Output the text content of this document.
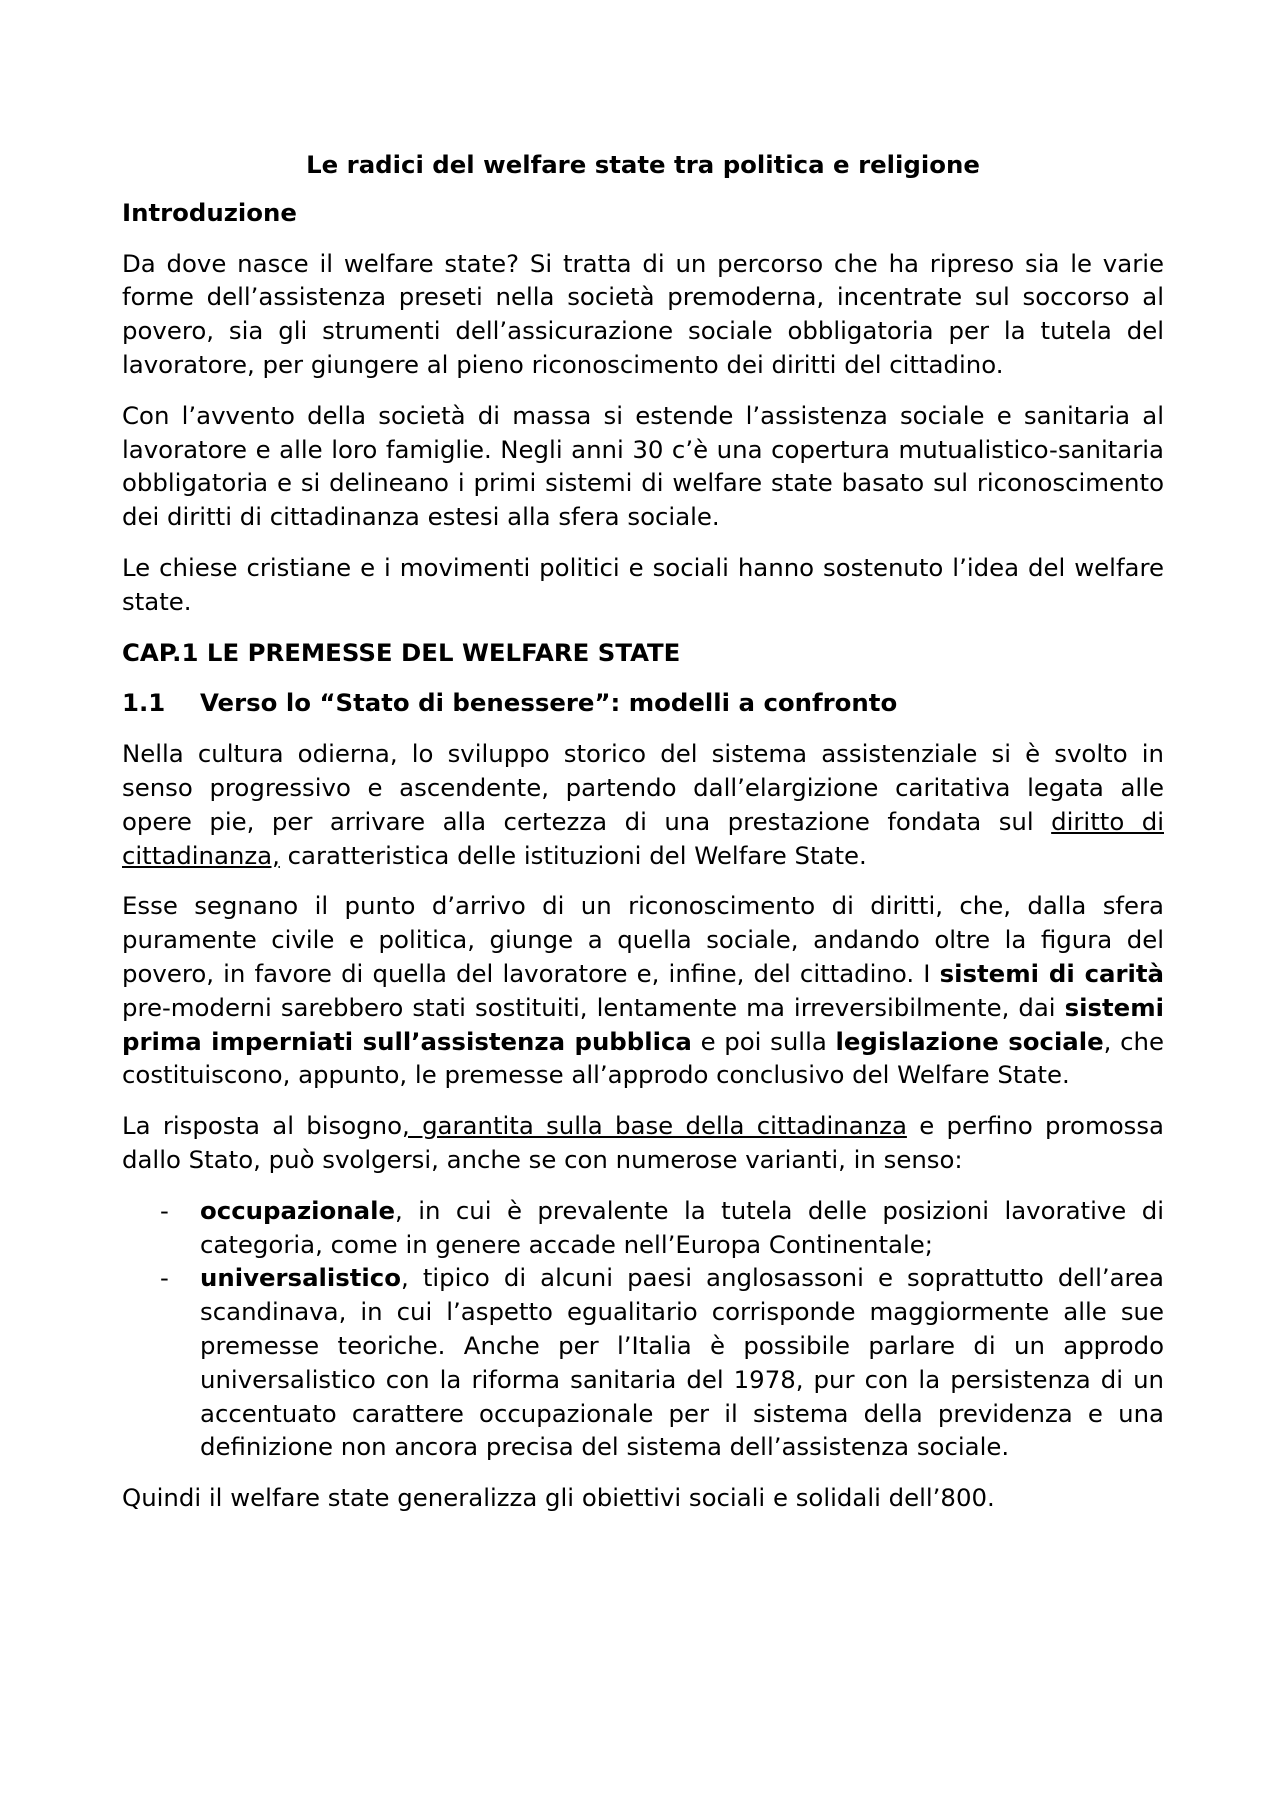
Le radici del welfare state tra politica e religione
Introduzione

Da dove nasce il welfare state? Si tratta di un percorso che ha ripreso sia le varie forme dell’assistenza preseti nella società premoderna, incentrate sul soccorso al povero, sia gli strumenti dell’assicurazione sociale obbligatoria per la tutela del lavoratore, per giungere al pieno riconoscimento dei diritti del cittadino.

Con l’avvento della società di massa si estende l’assistenza sociale e sanitaria al lavoratore e alle loro famiglie. Negli anni 30 c’è una copertura mutualistico-sanitaria obbligatoria e si delineano i primi sistemi di welfare state basato sul riconoscimento dei diritti di cittadinanza estesi alla sfera sociale.

Le chiese cristiane e i movimenti politici e sociali hanno sostenuto l’idea del welfare state.

CAP.1 LE PREMESSE DEL WELFARE STATE
1.1 Verso lo “Stato di benessere”: modelli a confronto

Nella cultura odierna, lo sviluppo storico del sistema assistenziale si è svolto in senso progressivo e ascendente, partendo dall’elargizione caritativa legata alle opere pie, per arrivare alla certezza di una prestazione fondata sul diritto di cittadinanza, caratteristica delle istituzioni del Welfare State.

Esse segnano il punto d’arrivo di un riconoscimento di diritti, che, dalla sfera puramente civile e politica, giunge a quella sociale, andando oltre la figura del povero, in favore di quella del lavoratore e, infine, del cittadino. I sistemi di carità pre-moderni sarebbero stati sostituiti, lentamente ma irreversibilmente, dai sistemi prima imperniati sull’assistenza pubblica e poi sulla legislazione sociale, che costituiscono, appunto, le premesse all’approdo conclusivo del Welfare State.

La risposta al bisogno, garantita sulla base della cittadinanza e perfino promossa dallo Stato, può svolgersi, anche se con numerose varianti, in senso:

- occupazionale, in cui è prevalente la tutela delle posizioni lavorative di categoria, come in genere accade nell’Europa Continentale;
- universalistico, tipico di alcuni paesi anglosassoni e soprattutto dell’area scandinava, in cui l’aspetto egualitario corrisponde maggiormente alle sue premesse teoriche. Anche per l’Italia è possibile parlare di un approdo universalistico con la riforma sanitaria del 1978, pur con la persistenza di un accentuato carattere occupazionale per il sistema della previdenza e una definizione non ancora precisa del sistema dell’assistenza sociale.

Quindi il welfare state generalizza gli obiettivi sociali e solidali dell’800.
